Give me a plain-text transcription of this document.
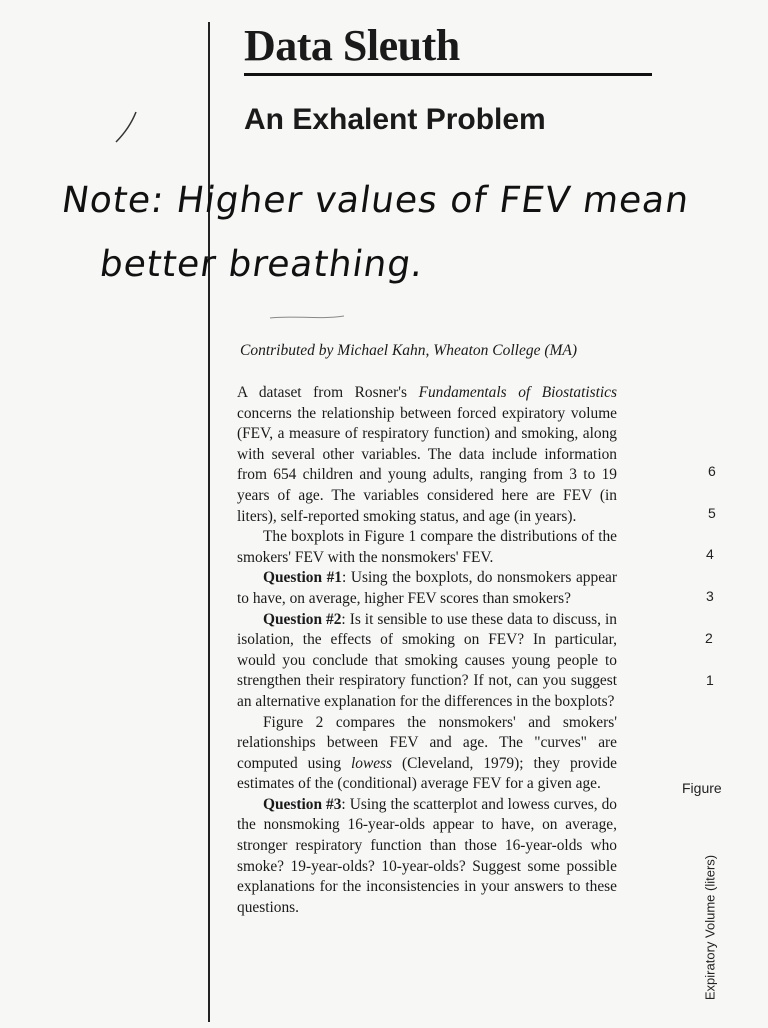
Data Sleuth
An Exhalent Problem
Note: Higher values of FEV mean
better breathing.
Contributed by Michael Kahn, Wheaton College (MA)

A dataset from Rosner's Fundamentals of Biostatistics concerns the relationship between forced expiratory volume (FEV, a measure of respiratory function) and smoking, along with several other variables. The data include information from 654 children and young adults, ranging from 3 to 19 years of age. The variables considered here are FEV (in liters), self-reported smoking status, and age (in years).

The boxplots in Figure 1 compare the distributions of the smokers' FEV with the nonsmokers' FEV.

Question #1: Using the boxplots, do nonsmokers appear to have, on average, higher FEV scores than smokers?

Question #2: Is it sensible to use these data to discuss, in isolation, the effects of smoking on FEV? In particular, would you conclude that smoking causes young people to strengthen their respiratory function? If not, can you suggest an alternative explanation for the differences in the boxplots?

Figure 2 compares the nonsmokers' and smokers' relationships between FEV and age. The "curves" are computed using lowess (Cleveland, 1979); they provide estimates of the (conditional) average FEV for a given age.

Question #3: Using the scatterplot and lowess curves, do the nonsmoking 16-year-olds appear to have, on average, stronger respiratory function than those 16-year-olds who smoke? 19-year-olds? 10-year-olds? Suggest some possible explanations for the inconsistencies in your answers to these questions.

6
5
4
3
2
1
Figure
Expiratory Volume (liters)
